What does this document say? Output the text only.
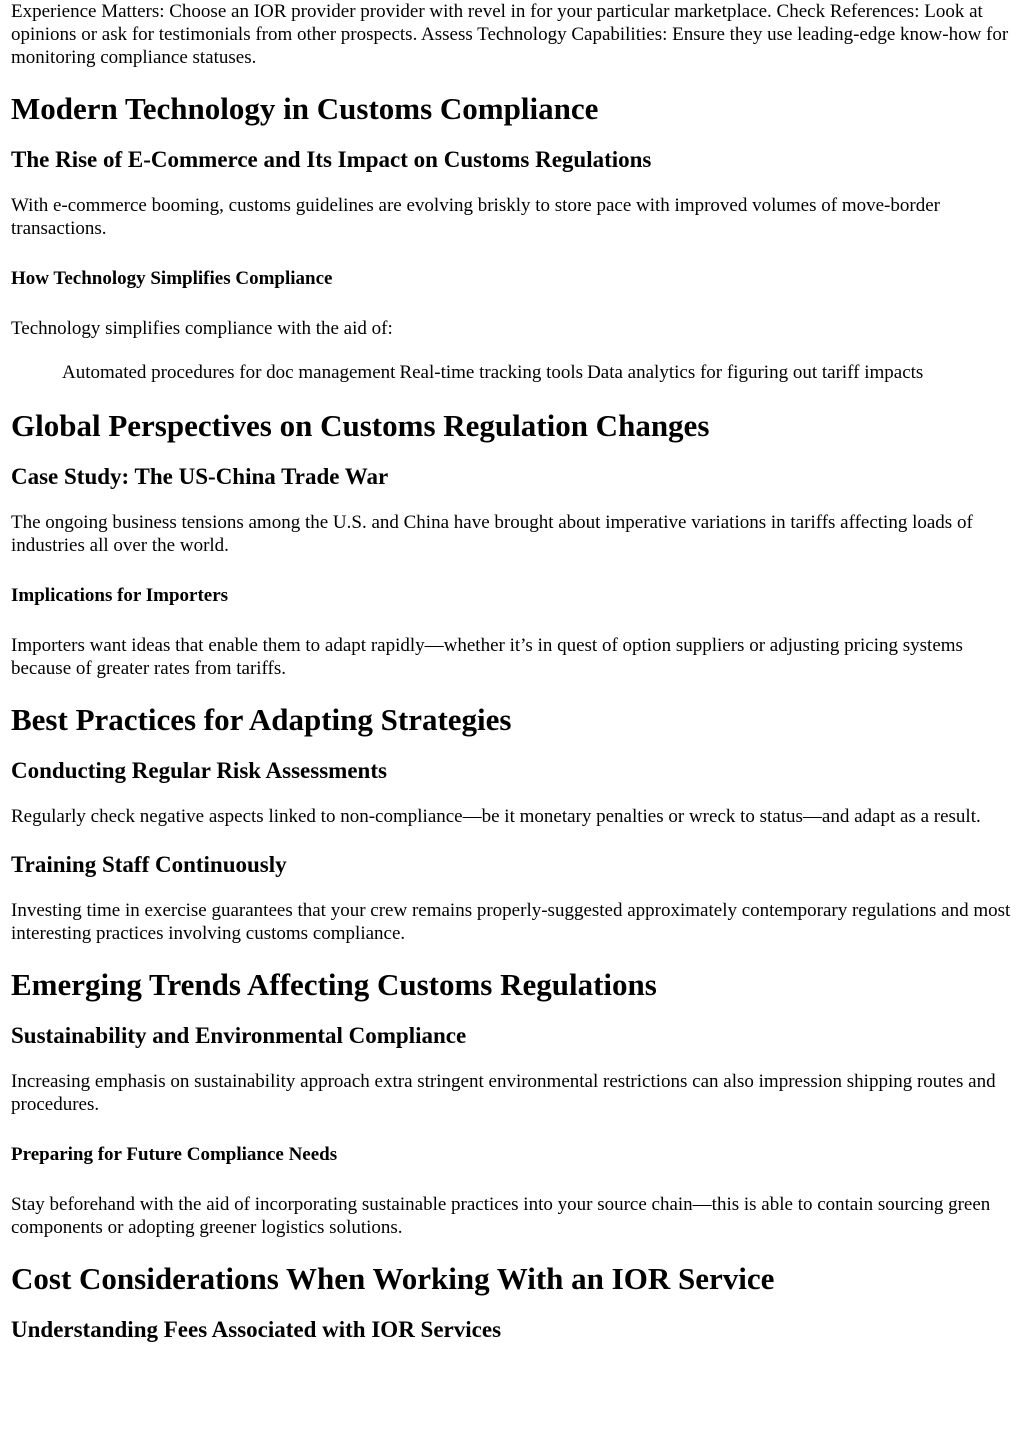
Experience Matters: Choose an IOR provider provider with revel in for your particular marketplace. Check References: Look at opinions or ask for testimonials from other prospects. Assess Technology Capabilities: Ensure they use leading-edge know-how for monitoring compliance statuses.

Modern Technology in Customs Compliance
The Rise of E-Commerce and Its Impact on Customs Regulations

With e-commerce booming, customs guidelines are evolving briskly to store pace with improved volumes of move-border transactions.

How Technology Simplifies Compliance

Technology simplifies compliance with the aid of:

Automated procedures for doc management Real-time tracking tools Data analytics for figuring out tariff impacts
Global Perspectives on Customs Regulation Changes
Case Study: The US-China Trade War

The ongoing business tensions among the U.S. and China have brought about imperative variations in tariffs affecting loads of industries all over the world.

Implications for Importers

Importers want ideas that enable them to adapt rapidly—whether it’s in quest of option suppliers or adjusting pricing systems because of greater rates from tariffs.

Best Practices for Adapting Strategies
Conducting Regular Risk Assessments

Regularly check negative aspects linked to non-compliance—be it monetary penalties or wreck to status—and adapt as a result.

Training Staff Continuously

Investing time in exercise guarantees that your crew remains properly-suggested approximately contemporary regulations and most interesting practices involving customs compliance.

Emerging Trends Affecting Customs Regulations
Sustainability and Environmental Compliance

Increasing emphasis on sustainability approach extra stringent environmental restrictions can also impression shipping routes and procedures.

Preparing for Future Compliance Needs

Stay beforehand with the aid of incorporating sustainable practices into your source chain—this is able to contain sourcing green components or adopting greener logistics solutions.

Cost Considerations When Working With an IOR Service
Understanding Fees Associated with IOR Services
